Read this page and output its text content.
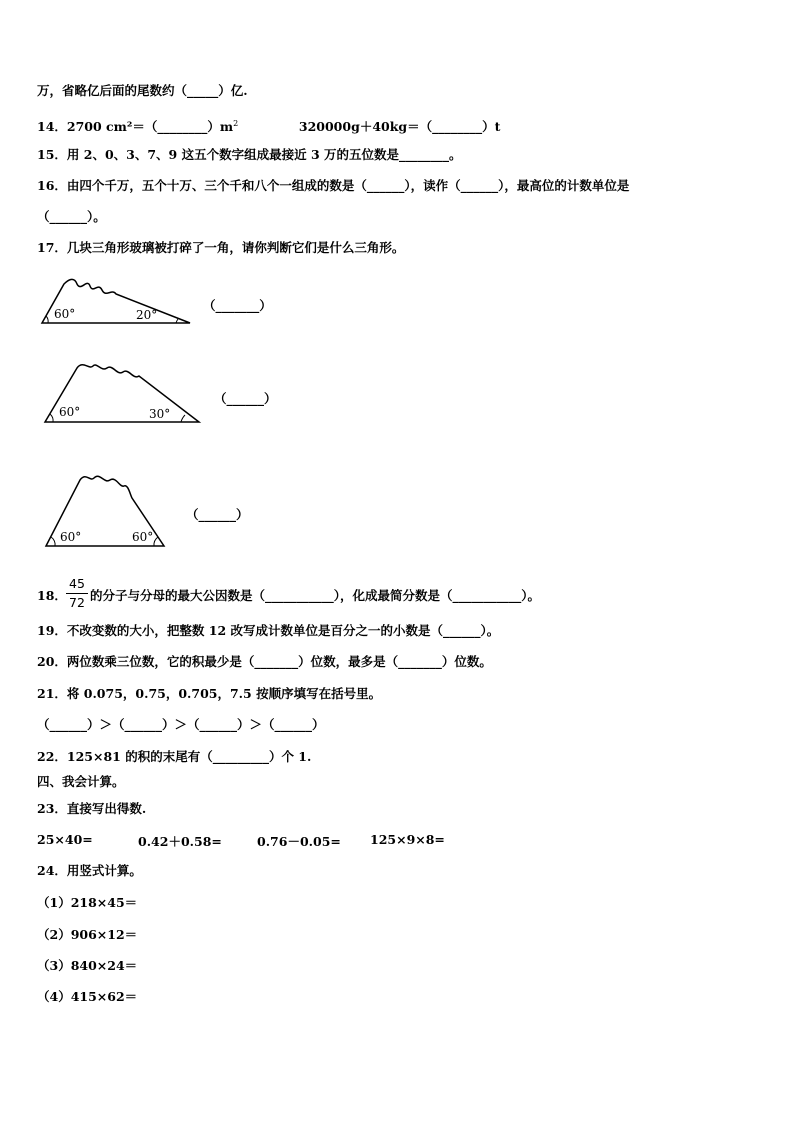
万，省略亿后面的尾数约（_____）亿.
14．2700 $cm^2=(\_\_\_\_\_\_\_\_)m^2$	320000g＋40kg＝（________）t
15．用 2、0、3、7、9 这五个数字组成最接近 3 万的五位数是________。
16．由四个千万，五个十万、三个千和八个一组成的数是（______），读作（______），最高位的计数单位是
（______）。
17．几块三角形玻璃被打碎了一角，请你判断它们是什么三角形。
60°	20°
（_______）
60°	30°
（______）
60°	60°
（______）
18．
45
72 的分子与分母的最大公因数是（___________），化成最简分数是（___________）。
19．不改变数的大小，把整数 12 改写成计数单位是百分之一的小数是（______）。
20．两位数乘三位数，它的积最少是（_______）位数，最多是（_______）位数。
21．将 0.075，0.75，0.705，7.5 按顺序填写在括号里。
（______）＞（______）＞（______）＞（______）
22．125×81 的积的末尾有（_________）个 1.
四、我会计算。
23．直接写出得数.
25×40=	0.42＋0.58=	0.76－0.05= 125×9×8=
24．用竖式计算。
（1）218×45＝
（2）906×12＝
（3）840×24＝
（4）415×62＝
